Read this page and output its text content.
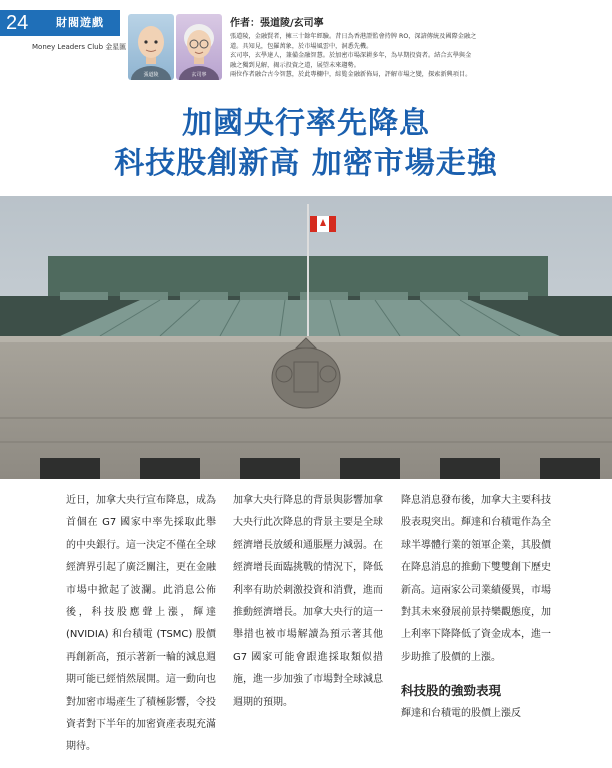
24	財閥遊戲
Money Leaders Club 金星匯
張道陵	玄司寧
作者：張道陵/玄司寧

張道陵，金融賢者，擁三十餘年經驗。昔日為香港證監會持牌 RO，深諳傳統及國際金融之

道。具知見，包羅萬象，於市場風雲中，洞悉先機。

玄司寧，玄學達人，兼備金融智慧。於加密市場深耕多年，為早期投資者。結合玄學與金

融之獨到見解，揭示投資之道，展望未來趨勢。

兩位作者融合古今智慧，於此專欄中，綜覧金融新佈局，評解市場之變，探索新興項目。

加國央行率先降息
科技股創新高 加密市場走強
近日，加拿大央行宣布降息，成為首個在 G7 國家中率先採取此舉的中央銀行。這一決定不僅在全球經濟界引起了廣泛關注，更在金融市場中掀起了波瀾。此消息公佈後，科技股應聲上漲，輝達 (NVIDIA) 和台積電 (TSMC) 股價再創新高，預示著新一輪的減息週期可能已經悄然展開。這一動向也對加密市場產生了積極影響，令投資者對下半年的加密資產表現充滿期待。
加拿大央行降息的背景與影響加拿大央行此次降息的背景主要是全球經濟增長放緩和通脹壓力減弱。在經濟增長面臨挑戰的情況下，降低利率有助於刺激投資和消費，進而推動經濟增長。加拿大央行的這一舉措也被市場解讀為預示著其他 G7 國家可能會跟進採取類似措施，進一步加強了市場對全球減息週期的預期。
降息消息發布後，加拿大主要科技股表現突出。輝達和台積電作為全球半導體行業的領軍企業，其股價在降息消息的推動下雙雙創下歷史新高。這兩家公司業績優異，市場對其未來發展前景持樂觀態度，加上利率下降降低了資金成本，進一步助推了股價的上漲。
科技股的強勁表現
輝達和台積電的股價上漲反
